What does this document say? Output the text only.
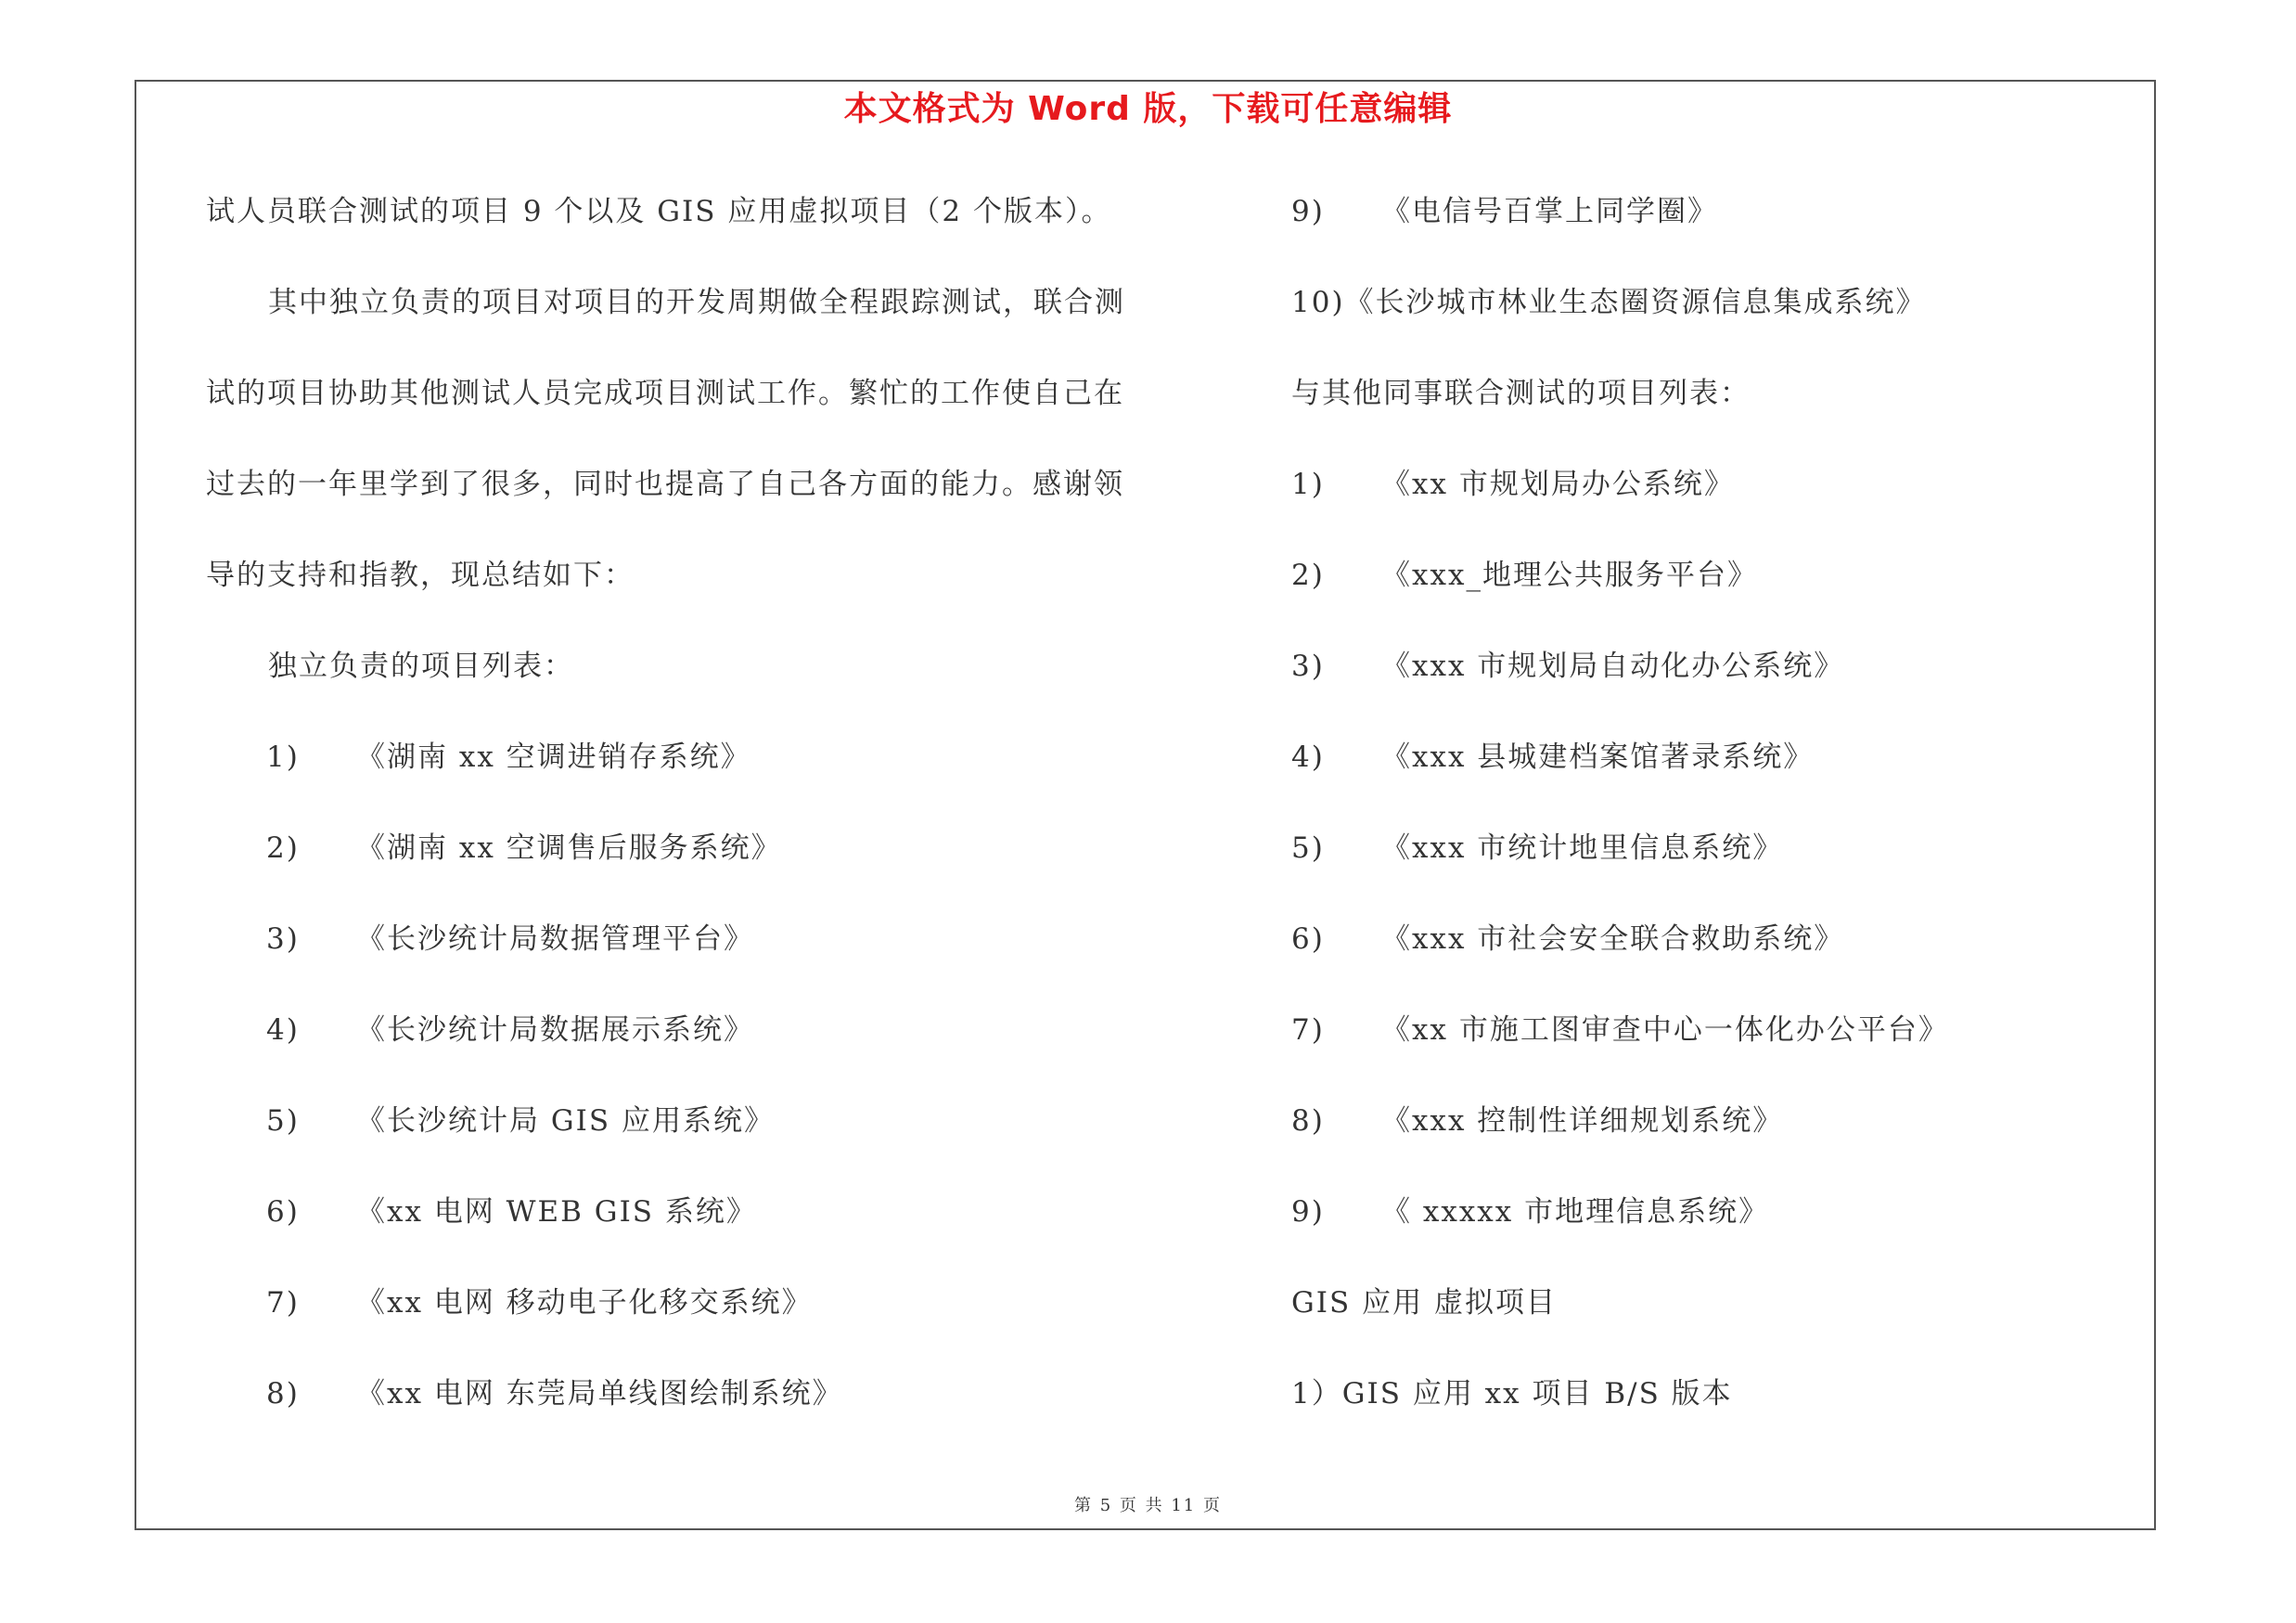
本文格式为 Word 版，下载可任意编辑
试人员联合测试的项目 9 个以及 GIS 应用虚拟项目（2 个版本）。
其中独立负责的项目对项目的开发周期做全程跟踪测试，联合测
试的项目协助其他测试人员完成项目测试工作。繁忙的工作使自己在
过去的一年里学到了很多，同时也提高了自己各方面的能力。感谢领
导的支持和指教，现总结如下：
独立负责的项目列表：
1) 《湖南 xx 空调进销存系统》
2) 《湖南 xx 空调售后服务系统》
3) 《长沙统计局数据管理平台》
4) 《长沙统计局数据展示系统》
5) 《长沙统计局 GIS 应用系统》
6) 《xx 电网 WEB GIS 系统》
7) 《xx 电网 移动电子化移交系统》
8) 《xx 电网 东莞局单线图绘制系统》
9) 《电信号百掌上同学圈》
10)《长沙城市林业生态圈资源信息集成系统》
与其他同事联合测试的项目列表：
1) 《xx 市规划局办公系统》
2) 《xxx_地理公共服务平台》
3) 《xxx 市规划局自动化办公系统》
4) 《xxx 县城建档案馆著录系统》
5) 《xxx 市统计地里信息系统》
6) 《xxx 市社会安全联合救助系统》
7) 《xx 市施工图审查中心一体化办公平台》
8) 《xxx 控制性详细规划系统》
9) 《 xxxxx 市地理信息系统》
GIS 应用 虚拟项目
1）GIS 应用 xx 项目 B/S 版本
第 5 页 共 11 页
